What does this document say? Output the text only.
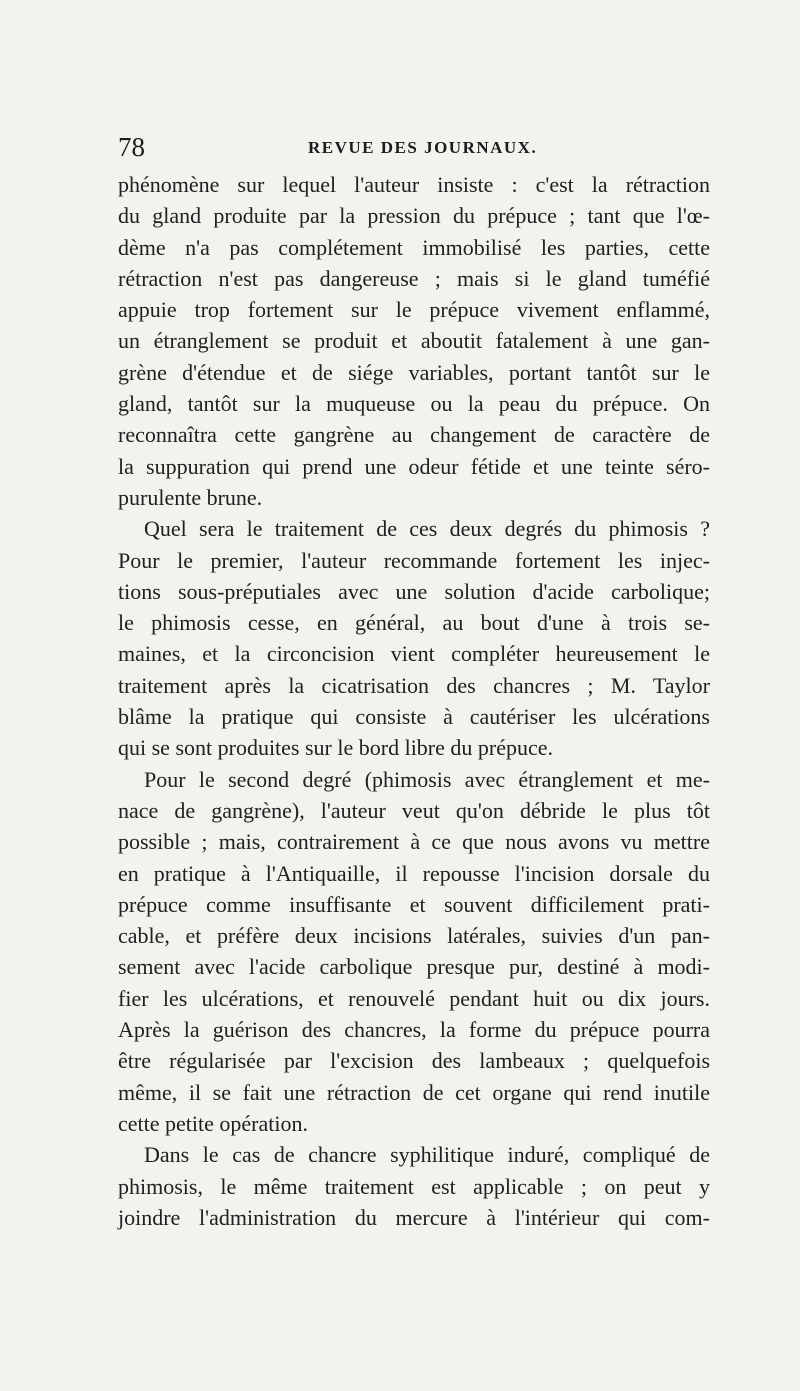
78	REVUE DES JOURNAUX.
phénomène sur lequel l'auteur insiste : c'est la rétraction
du gland produite par la pression du prépuce ; tant que l'œ-
dème n'a pas complétement immobilisé les parties, cette
rétraction n'est pas dangereuse ; mais si le gland tuméfié
appuie trop fortement sur le prépuce vivement enflammé,
un étranglement se produit et aboutit fatalement à une gan-
grène d'étendue et de siége variables, portant tantôt sur le
gland, tantôt sur la muqueuse ou la peau du prépuce. On
reconnaîtra cette gangrène au changement de caractère de
la suppuration qui prend une odeur fétide et une teinte séro-
purulente brune.
Quel sera le traitement de ces deux degrés du phimosis ?
Pour le premier, l'auteur recommande fortement les injec-
tions sous-préputiales avec une solution d'acide carbolique;
le phimosis cesse, en général, au bout d'une à trois se-
maines, et la circoncision vient compléter heureusement le
traitement après la cicatrisation des chancres ; M. Taylor
blâme la pratique qui consiste à cautériser les ulcérations
qui se sont produites sur le bord libre du prépuce.
Pour le second degré (phimosis avec étranglement et me-
nace de gangrène), l'auteur veut qu'on débride le plus tôt
possible ; mais, contrairement à ce que nous avons vu mettre
en pratique à l'Antiquaille, il repousse l'incision dorsale du
prépuce comme insuffisante et souvent difficilement prati-
cable, et préfère deux incisions latérales, suivies d'un pan-
sement avec l'acide carbolique presque pur, destiné à modi-
fier les ulcérations, et renouvelé pendant huit ou dix jours.
Après la guérison des chancres, la forme du prépuce pourra
être régularisée par l'excision des lambeaux ; quelquefois
même, il se fait une rétraction de cet organe qui rend inutile
cette petite opération.
Dans le cas de chancre syphilitique induré, compliqué de
phimosis, le même traitement est applicable ; on peut y
joindre l'administration du mercure à l'intérieur qui com-
